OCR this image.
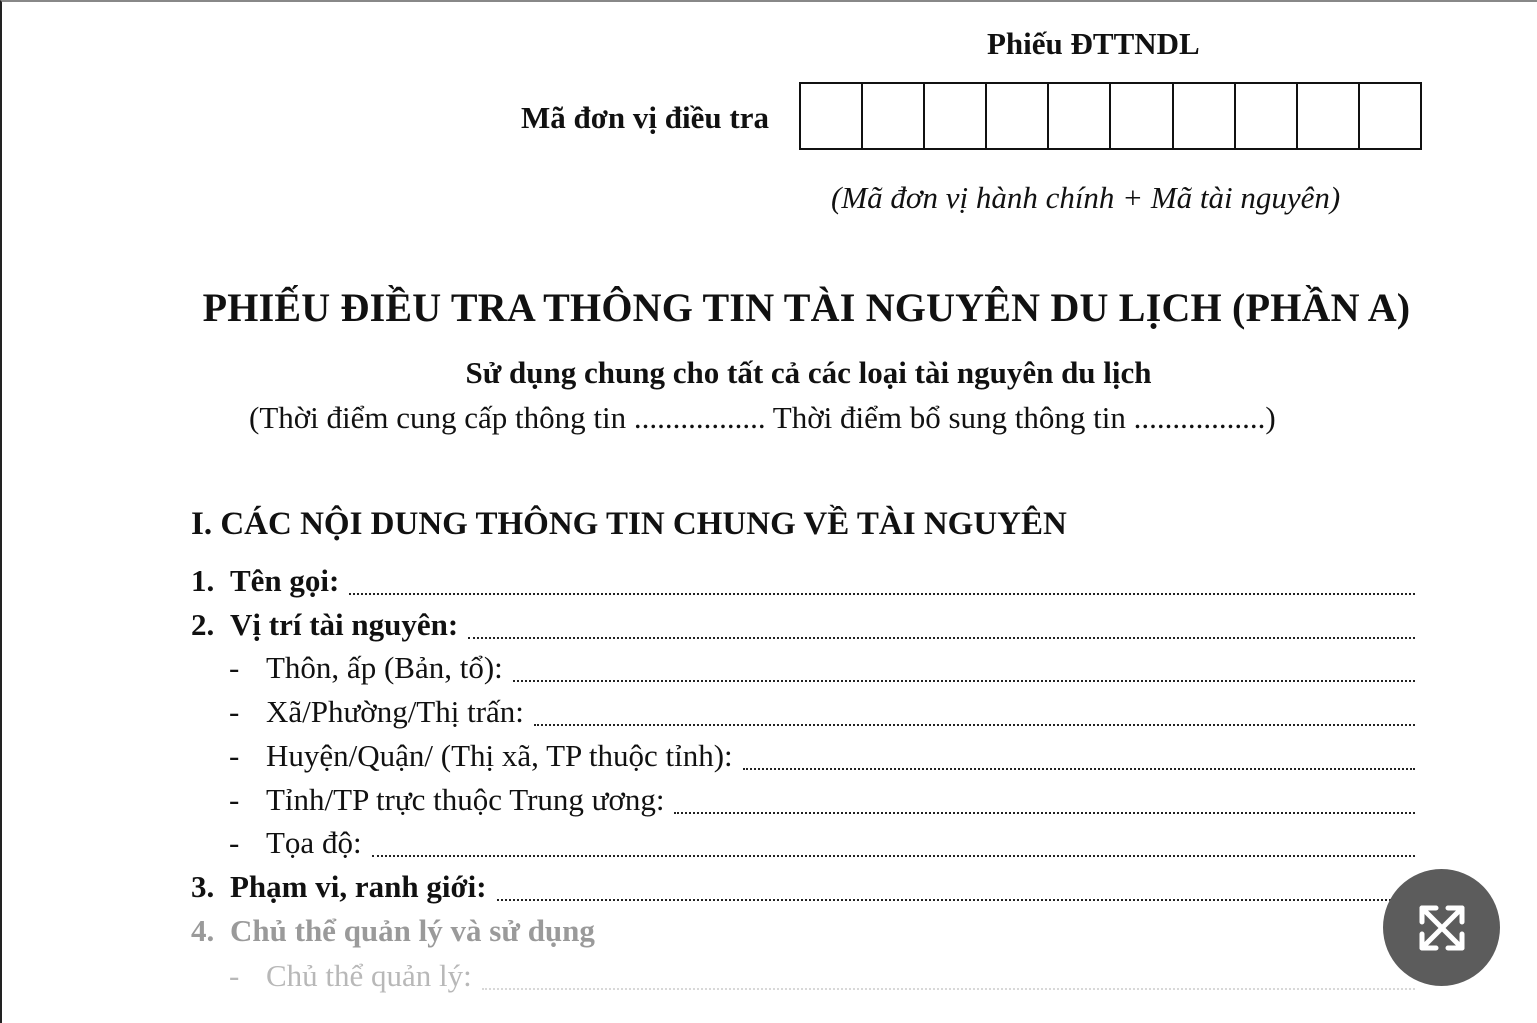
Phiếu ĐTTNDL
Mã đơn vị điều tra
(Mã đơn vị hành chính + Mã tài nguyên)
PHIẾU ĐIỀU TRA THÔNG TIN TÀI NGUYÊN DU LỊCH (PHẦN A)
Sử dụng chung cho tất cả các loại tài nguyên du lịch
(Thời điểm cung cấp thông tin ................. Thời điểm bổ sung thông tin .................)
I. CÁC NỘI DUNG THÔNG TIN CHUNG VỀ TÀI NGUYÊN
1. Tên gọi:
2. Vị trí tài nguyên:
- Thôn, ấp (Bản, tổ):
- Xã/Phường/Thị trấn:
- Huyện/Quận/ (Thị xã, TP thuộc tỉnh):
- Tỉnh/TP trực thuộc Trung ương:
- Tọa độ:
3. Phạm vi, ranh giới:
4. Chủ thể quản lý và sử dụng
- Chủ thể quản lý:
